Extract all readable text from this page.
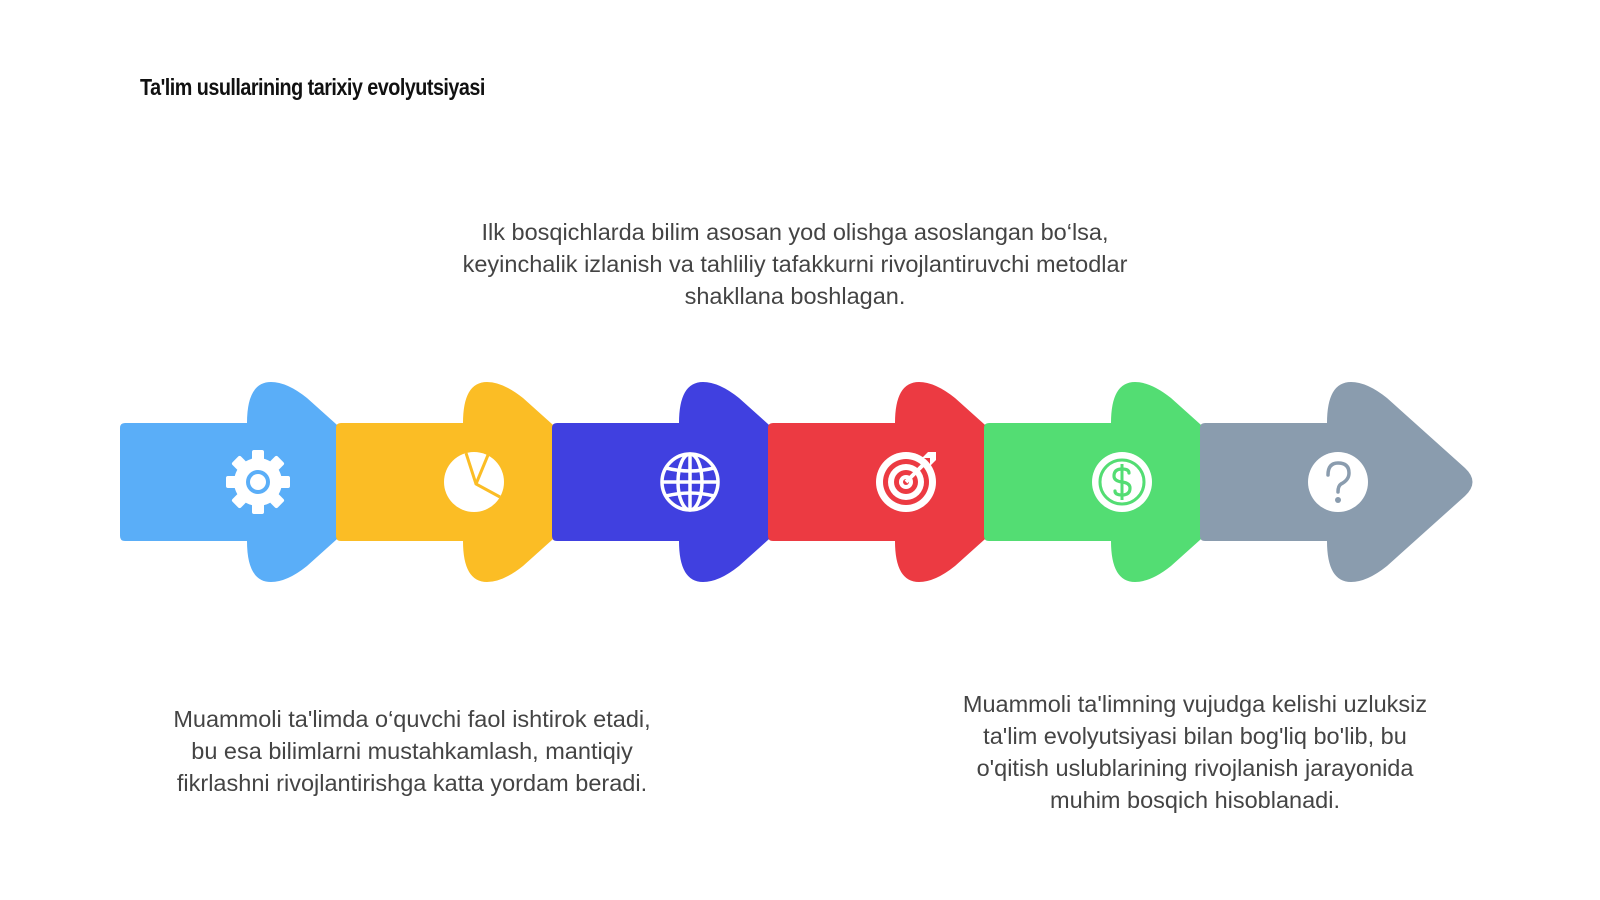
Ta'lim usullarining tarixiy evolyutsiyasi

Ilk bosqichlarda bilim asosan yod olishga asoslangan bo‘lsa,
keyinchalik izlanish va tahliliy tafakkurni rivojlantiruvchi metodlar
shakllana boshlagan.

Muammoli ta'limda o‘quvchi faol ishtirok etadi,
bu esa bilimlarni mustahkamlash, mantiqiy
fikrlashni rivojlantirishga katta yordam beradi.

Muammoli ta'limning vujudga kelishi uzluksiz
ta'lim evolyutsiyasi bilan bog'liq bo'lib, bu
o'qitish uslublarining rivojlanish jarayonida
muhim bosqich hisoblanadi.
